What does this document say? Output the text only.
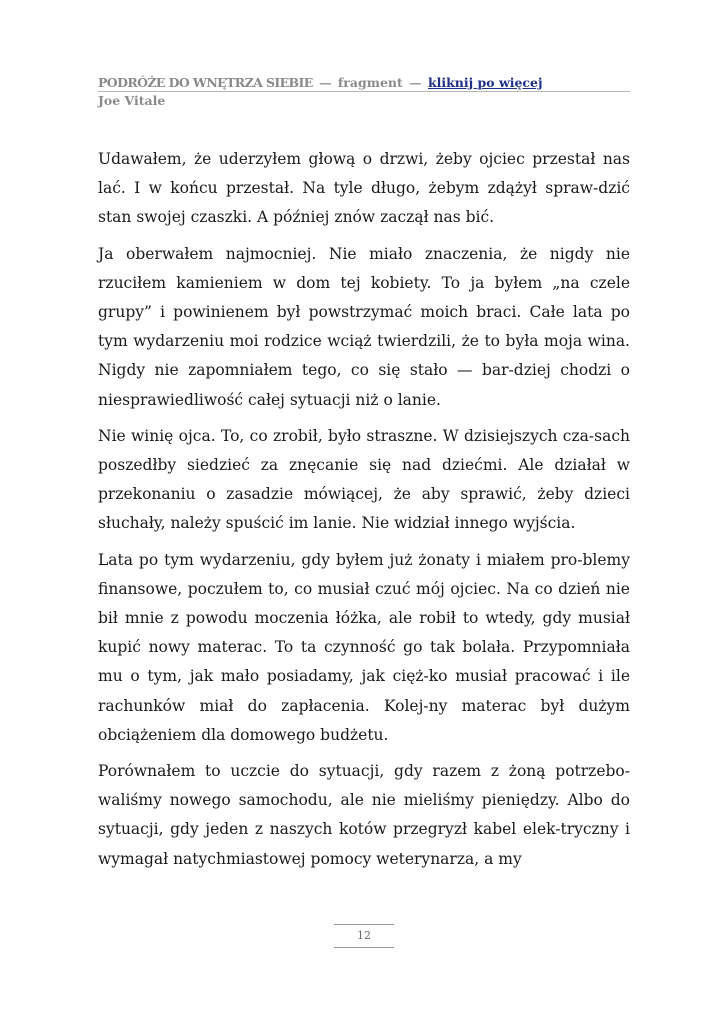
PODRÓŻE DO WNĘTRZA SIEBIE — fragment — kliknij po więcej
Joe Vitale

Udawałem, że uderzyłem głową o drzwi, żeby ojciec przestał nas lać. I w końcu przestał. Na tyle długo, żebym zdążył spraw-dzić stan swojej czaszki. A później znów zaczął nas bić.

Ja oberwałem najmocniej. Nie miało znaczenia, że nigdy nie rzuciłem kamieniem w dom tej kobiety. To ja byłem „na czele grupy” i powinienem był powstrzymać moich braci. Całe lata po tym wydarzeniu moi rodzice wciąż twierdzili, że to była moja wina. Nigdy nie zapomniałem tego, co się stało — bar-dziej chodzi o niesprawiedliwość całej sytuacji niż o lanie.

Nie winię ojca. To, co zrobił, było straszne. W dzisiejszych cza-sach poszedłby siedzieć za znęcanie się nad dziećmi. Ale działał w przekonaniu o zasadzie mówiącej, że aby sprawić, żeby dzieci słuchały, należy spuścić im lanie. Nie widział innego wyjścia.

Lata po tym wydarzeniu, gdy byłem już żonaty i miałem pro-blemy finansowe, poczułem to, co musiał czuć mój ojciec. Na co dzień nie bił mnie z powodu moczenia łóżka, ale robił to wtedy, gdy musiał kupić nowy materac. To ta czynność go tak bolała. Przypomniała mu o tym, jak mało posiadamy, jak cięż-ko musiał pracować i ile rachunków miał do zapłacenia. Kolej-ny materac był dużym obciążeniem dla domowego budżetu.

Porównałem to uczcie do sytuacji, gdy razem z żoną potrzebo-waliśmy nowego samochodu, ale nie mieliśmy pieniędzy. Albo do sytuacji, gdy jeden z naszych kotów przegryzł kabel elek-tryczny i wymagał natychmiastowej pomocy weterynarza, a my

12
